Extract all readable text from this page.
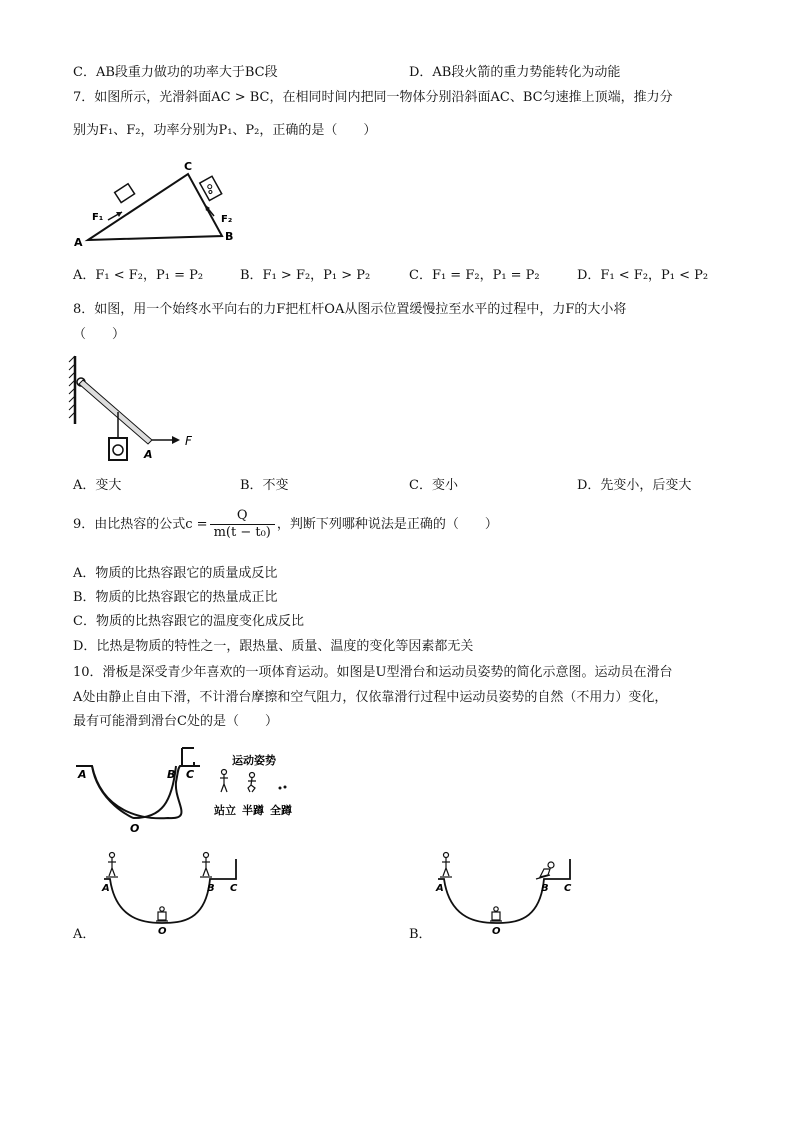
C．AB段重力做功的功率大于BC段	D．AB段火箭的重力势能转化为动能
7．如图所示，光滑斜面AC > BC，在相同时间内把同一物体分别沿斜面AC、BC匀速推上顶端，推力分
别为F₁、F₂，功率分别为P₁、P₂，正确的是（　　）
A	B
C
F₁	F₂
A．F₁ < F₂，P₁ = P₂	B．F₁ > F₂，P₁ > P₂	C．F₁ = F₂，P₁ = P₂	D．F₁ < F₂，P₁ < P₂
8．如图，用一个始终水平向右的力F把杠杆OA从图示位置缓慢拉至水平的过程中，力F的大小将
（　　）
A
F
A．变大	B．不变	C．变小	D．先变小，后变大
9．由比热容的公式$c = \frac{Q}{\text{m(t − t₀)}}$ ，判断下列哪种说法是正确的（　　）
A．物质的比热容跟它的质量成反比
B．物质的比热容跟它的热量成正比
C．物质的比热容跟它的温度变化成反比
D．比热是物质的特性之一，跟热量、质量、温度的变化等因素都无关
10．滑板是深受青少年喜欢的一项体育运动。如图是U型滑台和运动员姿势的简化示意图。运动员在滑台
A处由静止自由下滑，不计滑台摩擦和空气阻力，仅依靠滑行过程中运动员姿势的自然（不用力）变化，
最有可能滑到滑台C处的是（　　）
A	B C
O
运动姿势
站立 半蹲 全蹲
A	B C
O
A．
A	B C
O
B．
